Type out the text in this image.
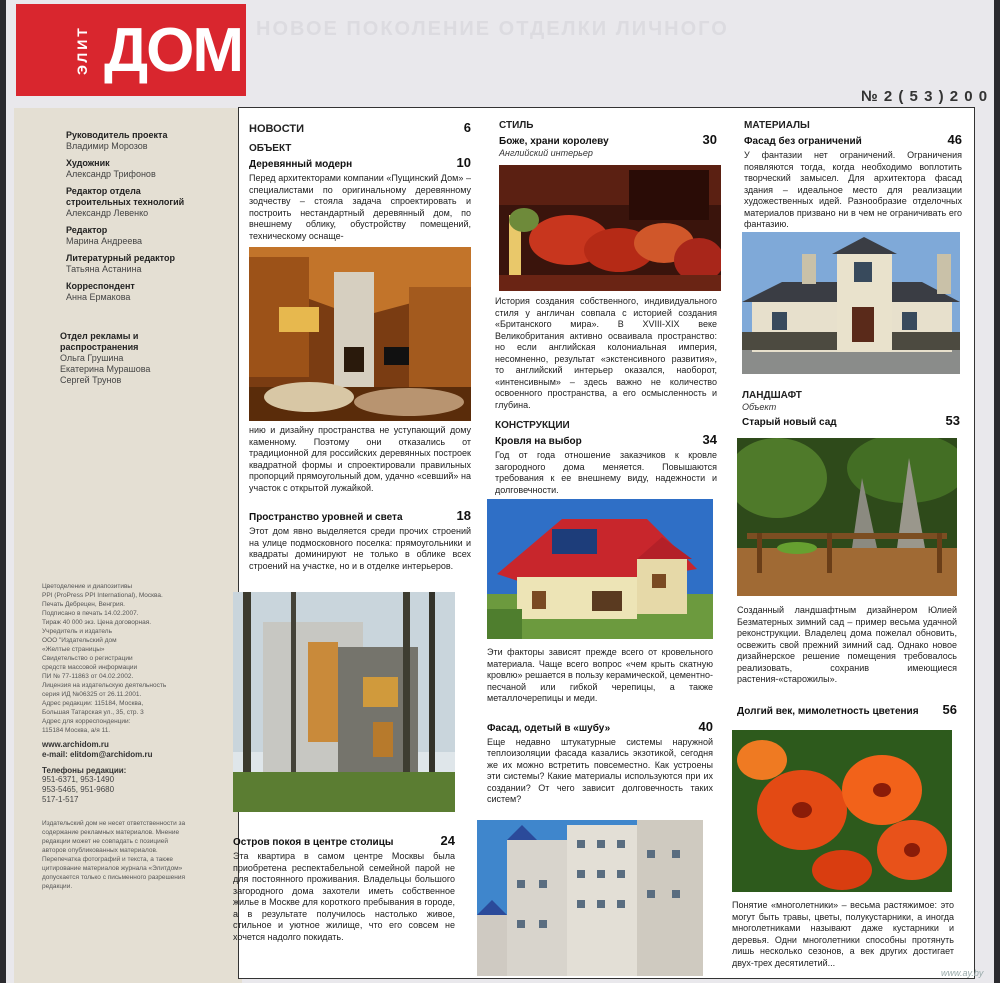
ЭЛИТ ДОМ НОВОЕ ПОКОЛЕНИЕ ОТДЕЛКИ ЛИЧНОГО
№ 2 ( 5 3 ) 2 0 0
Руководитель проекта
Владимир Морозов
Художник
Александр Трифонов
Редактор отдела строительных технологий
Александр Левенко
Редактор
Марина Андреева
Литературный редактор
Татьяна Астанина
Корреспондент
Анна Ермакова
Отдел рекламы и распространения
Ольга Грушина
Екатерина Мурашова
Сергей Трунов
Цветоделение и диапозитивы
PPI (ProPress PPI International), Москва.
Печать Дебрецен, Венгрия.
Подписано в печать 14.02.2007.
Тираж 40 000 экз. Цена договорная.
Учредитель и издатель
ООО "Издательский дом
«Желтые страницы»
Свидетельство о регистрации
средств массовой информации
ПИ № 77-11863 от 04.02.2002.
Лицензия на издательскую деятельность
серия ИД №06325 от 26.11.2001.
Адрес редакции: 115184, Москва,
Большая Татарская ул., 35, стр. 3
Адрес для корреспонденции:
115184 Москва, а/я 11.
www.archidom.ru
e-mail: elitdom@archidom.ru
Телефоны редакции:
951-6371, 953-1490
953-5465, 951-9680
517-1-517
Издательский дом не несет ответственности за содержание рекламных материалов. Мнение редакции может не совпадать с позицией авторов опубликованных материалов. Перепечатка фотографий и текста, а также цитирование материалов журнала «Элитдом» допускается только с письменного разрешения редакции.
НОВОСТИ	6
ОБЪЕКТ
Деревянный модерн	10
Перед архитекторами компании «Пущинский Дом» – специалистами по оригинальному деревянному зодчеству – стояла задача спроектировать и построить нестандартный деревянный дом, по внешнему облику, обустройству помещений, техническому оснаще-
нию и дизайну пространства не уступающий дому каменному. Поэтому они отказались от традиционной для российских деревянных построек квадратной формы и спроектировали правильных пропорций прямоугольный дом, удачно «севший» на участок с открытой лужайкой.
Пространство уровней и света	18
Этот дом явно выделяется среди прочих строений на улице подмосковного поселка: прямоугольники и квадраты доминируют не только в облике всех строений на участке, но и в отделке интерьеров.
Остров покоя в центре столицы	24
Эта квартира в самом центре Москвы была приобретена респектабельной семейной парой не для постоянного проживания. Владельцы большого загородного дома захотели иметь собственное жилье в Москве для короткого пребывания в городе, а в результате получилось настолько живое, стильное и уютное жилище, что его совсем не хочется надолго покидать.
СТИЛЬ
Боже, храни королеву	30
Английский интерьер
История создания собственного, индивидуального стиля у англичан совпала с историей создания «Британского мира». В XVIII-XIX веке Великобритания активно осваивала пространство: но если английская колониальная империя, несомненно, результат «экстенсивного развития», то английский интерьер оказался, наоборот, «интенсивным» – здесь важно не количество освоенного пространства, а его осмысленность и глубина.
КОНСТРУКЦИИ
Кровля на выбор	34
Год от года отношение заказчиков к кровле загородного дома меняется. Повышаются требования к ее внешнему виду, надежности и долговечности.
Эти факторы зависят прежде всего от кровельного материала. Чаще всего вопрос «чем крыть скатную кровлю» решается в пользу керамической, цементно-песчаной или гибкой черепицы, а также металлочерепицы и меди.
Фасад, одетый в «шубу»	40
Еще недавно штукатурные системы наружной теплоизоляции фасада казались экзотикой, сегодня же их можно встретить повсеместно. Как устроены эти системы? Какие материалы используются при их создании? От чего зависит долговечность таких систем?
МАТЕРИАЛЫ
Фасад без ограничений	46
У фантазии нет ограничений. Ограничения появляются тогда, когда необходимо воплотить творческий замысел. Для архитектора фасад здания – идеальное место для реализации художественных идей. Разнообразие отделочных материалов призвано ни в чем не ограничивать его фантазию.
ЛАНДШАФТ
Объект
Старый новый сад	53
Созданный ландшафтным дизайнером Юлией Безматерных зимний сад – пример весьма удачной реконструкции. Владелец дома пожелал обновить, освежить свой прежний зимний сад. Однако новое дизайнерское решение помещения требовалось реализовать, сохранив имеющиеся растения-«старожилы».
Долгий век, мимолетность цветения 56
Понятие «многолетники» – весьма растяжимое: это могут быть травы, цветы, полукустарники, а иногда многолетниками называют даже кустарники и деревья. Одни многолетники способны протянуть лишь несколько сезонов, а век других достигает двух-трех десятилетий...
www.ay.by
